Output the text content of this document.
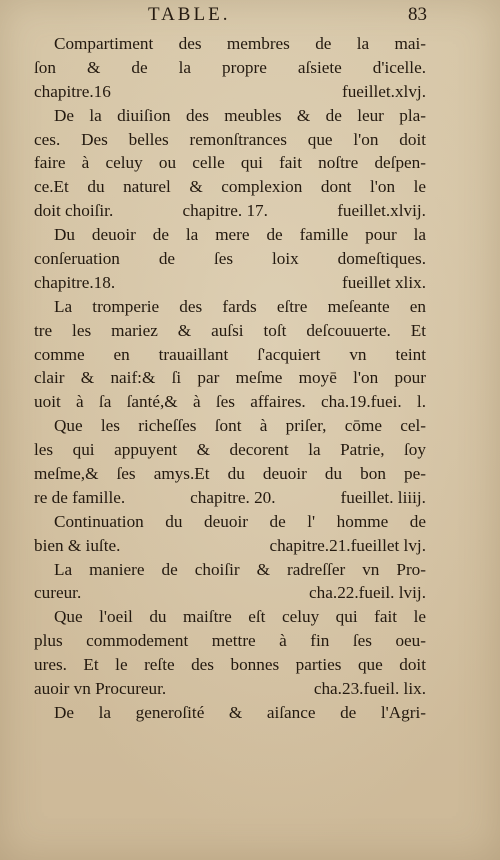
TABLE.	83
Compartiment des membres de la mai-
ſon & de la propre aſsiete d'icelle.
chapitre.16	fueillet.xlvj.
De la diuiſion des meubles & de leur pla-
ces. Des belles remonſtrances que l'on doit
faire à celuy ou celle qui fait noſtre deſpen-
ce.Et du naturel & complexion dont l'on le
doit choiſir.	chapitre. 17.	fueillet.xlvij.
Du deuoir de la mere de famille pour la
conſeruation de ſes loix domeſtiques.
chapitre.18.	fueillet xlix.
La tromperie des fards eſtre meſeante en
tre les mariez & auſsi toſt deſcouuerte. Et
comme en trauaillant ſ'acquiert vn teint
clair & naif:& ſi par meſme moyē l'on pour
uoit à ſa ſanté,& à ſes affaires. cha.19.fuei. l.
Que les richeſſes ſont à priſer, cōme cel-
les qui appuyent & decorent la Patrie, ſoy
meſme,& ſes amys.Et du deuoir du bon pe-
re de famille.	chapitre. 20.	fueillet. liiij.
Continuation du deuoir de l' homme de
bien & iuſte.	chapitre.21.fueillet lvj.
La maniere de choiſir & radreſſer vn Pro-
cureur.	cha.22.fueil. lvij.
Que l'oeil du maiſtre eſt celuy qui fait le
plus commodement mettre à fin ſes oeu-
ures. Et le reſte des bonnes parties que doit
auoir vn Procureur.	cha.23.fueil. lix.
De la generoſité & aiſance de l'Agri-
